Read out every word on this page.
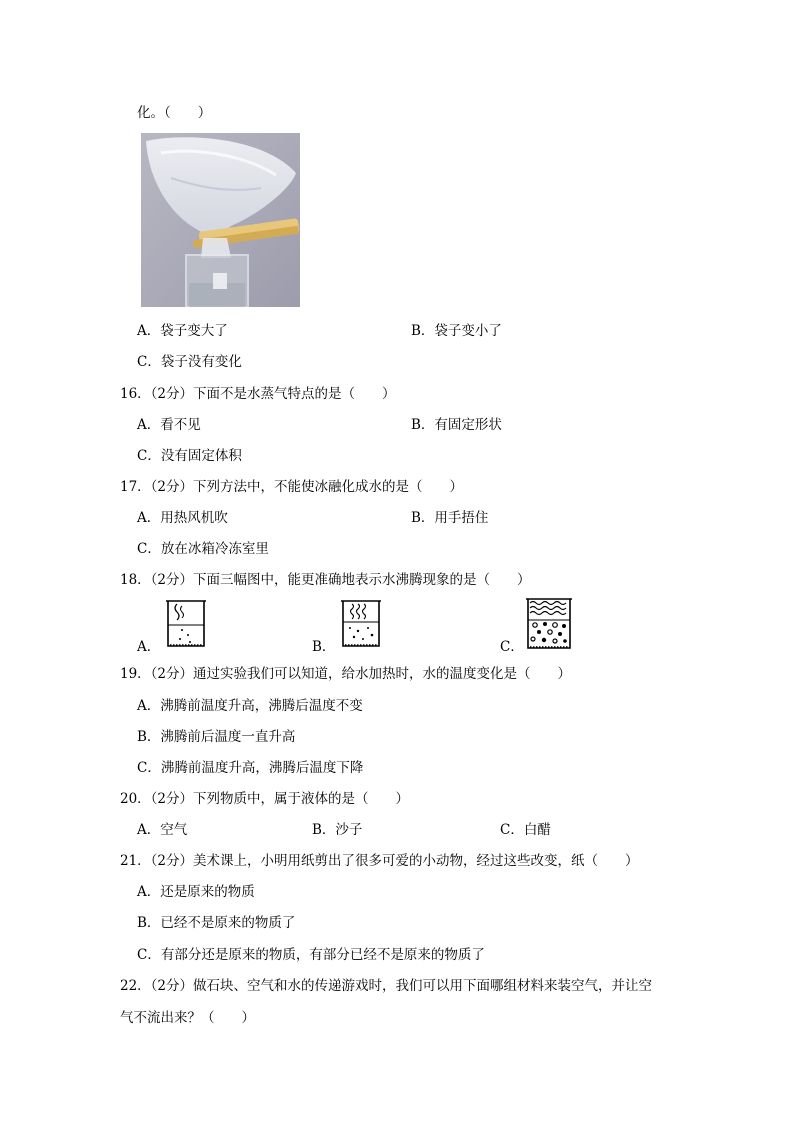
化。（　　）
A．袋子变大了	B．袋子变小了
C．袋子没有变化
16．（2分）下面不是水蒸气特点的是（　　）
A．看不见	B．有固定形状
C．没有固定体积
17．（2分）下列方法中，不能使冰融化成水的是（　　）
A．用热风机吹	B．用手捂住
C．放在冰箱冷冻室里
18．（2分）下面三幅图中，能更准确地表示水沸腾现象的是（　　）
A．	B．	C．
19．（2分）通过实验我们可以知道，给水加热时，水的温度变化是（　　）
A．沸腾前温度升高，沸腾后温度不变
B．沸腾前后温度一直升高
C．沸腾前温度升高，沸腾后温度下降
20．（2分）下列物质中，属于液体的是（　　）
A．空气	B．沙子	C．白醋
21．（2分）美术课上，小明用纸剪出了很多可爱的小动物，经过这些改变，纸（　　）
A．还是原来的物质
B．已经不是原来的物质了
C．有部分还是原来的物质，有部分已经不是原来的物质了
22．（2分）做石块、空气和水的传递游戏时，我们可以用下面哪组材料来装空气，并让空
气不流出来？（　　）
